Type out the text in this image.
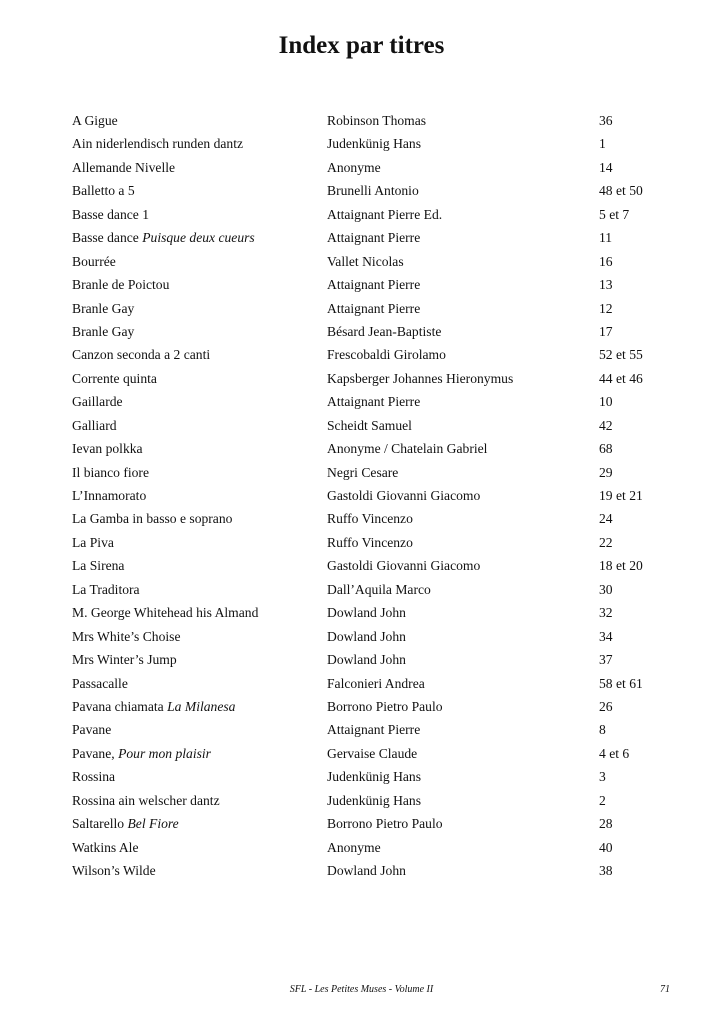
Index par titres
A Gigue	Robinson Thomas	36
Ain niderlendisch runden dantz	Judenkünig Hans	1
Allemande Nivelle	Anonyme	14
Balletto a 5	Brunelli Antonio	48 et 50
Basse dance 1	Attaignant Pierre Ed.	5 et 7
Basse dance Puisque deux cueurs	Attaignant Pierre	11
Bourrée	Vallet Nicolas	16
Branle de Poictou	Attaignant Pierre	13
Branle Gay	Attaignant Pierre	12
Branle Gay	Bésard Jean-Baptiste	17
Canzon seconda a 2 canti	Frescobaldi Girolamo	52 et 55
Corrente quinta	Kapsberger Johannes Hieronymus	44 et 46
Gaillarde	Attaignant Pierre	10
Galliard	Scheidt Samuel	42
Ievan polkka	Anonyme / Chatelain Gabriel	68
Il bianco fiore	Negri Cesare	29
L’Innamorato	Gastoldi Giovanni Giacomo	19 et 21
La Gamba in basso e soprano	Ruffo Vincenzo	24
La Piva	Ruffo Vincenzo	22
La Sirena	Gastoldi Giovanni Giacomo	18 et 20
La Traditora	Dall’Aquila Marco	30
M. George Whitehead his Almand	Dowland John	32
Mrs White’s Choise	Dowland John	34
Mrs Winter’s Jump	Dowland John	37
Passacalle	Falconieri Andrea	58 et 61
Pavana chiamata La Milanesa	Borrono Pietro Paulo	26
Pavane	Attaignant Pierre	8
Pavane, Pour mon plaisir	Gervaise Claude	4 et 6
Rossina	Judenkünig Hans	3
Rossina ain welscher dantz	Judenkünig Hans	2
Saltarello Bel Fiore	Borrono Pietro Paulo	28
Watkins Ale	Anonyme	40
Wilson’s Wilde	Dowland John	38
SFL - Les Petites Muses - Volume II	71
